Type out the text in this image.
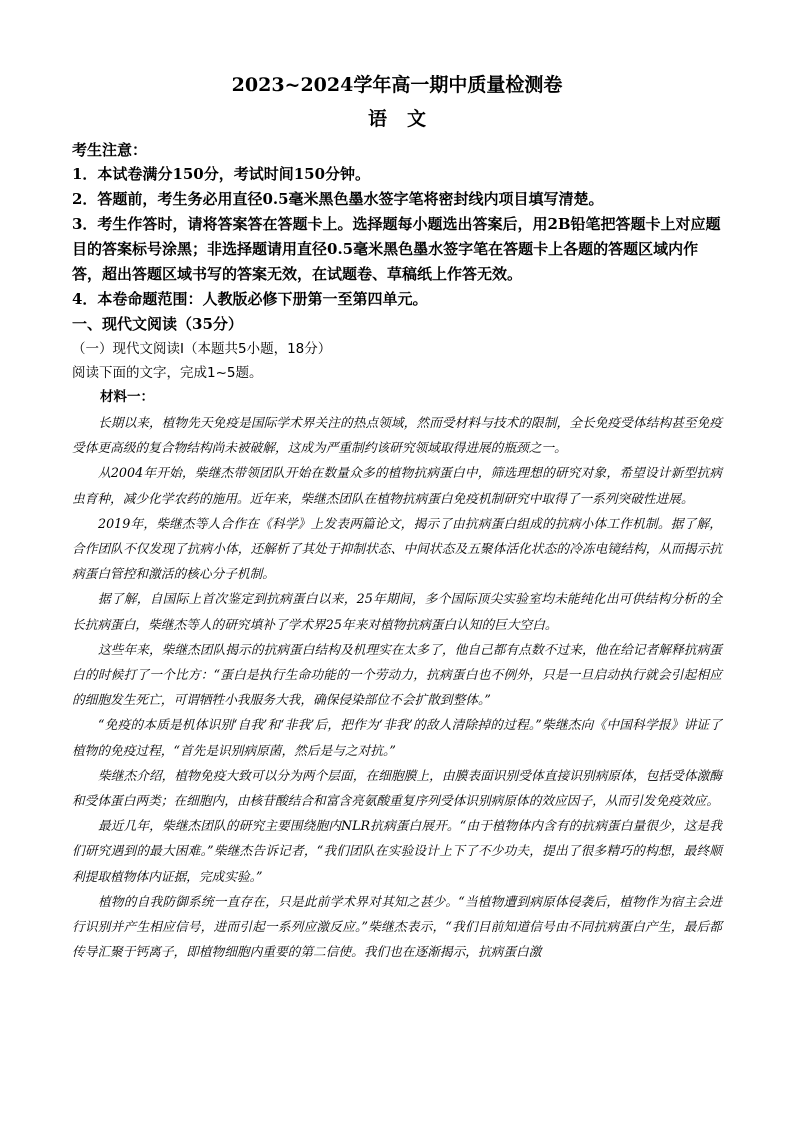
2023~2024学年高一期中质量检测卷
语文

考生注意：

1．本试卷满分150分，考试时间150分钟。

2．答题前，考生务必用直径0.5毫米黑色墨水签字笔将密封线内项目填写清楚。

3．考生作答时，请将答案答在答题卡上。选择题每小题选出答案后，用2B铅笔把答题卡上对应题目的答案标号涂黑；非选择题请用直径0.5毫米黑色墨水签字笔在答题卡上各题的答题区域内作答，超出答题区域书写的答案无效，在试题卷、草稿纸上作答无效。

4．本卷命题范围：人教版必修下册第一至第四单元。

一、现代文阅读（35分）

（一）现代文阅读Ⅰ（本题共5小题，18分）

阅读下面的文字，完成1~5题。

材料一：

长期以来，植物先天免疫是国际学术界关注的热点领域，然而受材料与技术的限制，全长免疫受体结构甚至免疫受体更高级的复合物结构尚未被破解，这成为严重制约该研究领域取得进展的瓶颈之一。

从2004年开始，柴继杰带领团队开始在数量众多的植物抗病蛋白中，筛选理想的研究对象，希望设计新型抗病虫育种，减少化学农药的施用。近年来，柴继杰团队在植物抗病蛋白免疫机制研究中取得了一系列突破性进展。

2019年，柴继杰等人合作在《科学》上发表两篇论文，揭示了由抗病蛋白组成的抗病小体工作机制。据了解，合作团队不仅发现了抗病小体，还解析了其处于抑制状态、中间状态及五聚体活化状态的冷冻电镜结构，从而揭示抗病蛋白管控和激活的核心分子机制。

据了解，自国际上首次鉴定到抗病蛋白以来，25年期间，多个国际顶尖实验室均未能纯化出可供结构分析的全长抗病蛋白，柴继杰等人的研究填补了学术界25年来对植物抗病蛋白认知的巨大空白。

这些年来，柴继杰团队揭示的抗病蛋白结构及机理实在太多了，他自己都有点数不过来，他在给记者解释抗病蛋白的时候打了一个比方：“蛋白是执行生命功能的一个劳动力，抗病蛋白也不例外，只是一旦启动执行就会引起相应的细胞发生死亡，可谓牺牲小我服务大我，确保侵染部位不会扩散到整体。”

“免疫的本质是机体识别‘自我’和‘非我’后，把作为‘非我’的敌人清除掉的过程。”柴继杰向《中国科学报》讲证了植物的免疫过程，“首先是识别病原菌，然后是与之对抗。”

柴继杰介绍，植物免疫大致可以分为两个层面，在细胞膜上，由膜表面识别受体直接识别病原体，包括受体激酶和受体蛋白两类；在细胞内，由核苷酸结合和富含亮氨酸重复序列受体识别病原体的效应因子，从而引发免疫效应。

最近几年，柴继杰团队的研究主要围绕胞内NLR抗病蛋白展开。“由于植物体内含有的抗病蛋白量很少，这是我们研究遇到的最大困难。”柴继杰告诉记者，“我们团队在实验设计上下了不少功夫，提出了很多精巧的构想，最终顺利提取植物体内证据，完成实验。”

植物的自我防御系统一直存在，只是此前学术界对其知之甚少。“当植物遭到病原体侵袭后，植物作为宿主会进行识别并产生相应信号，进而引起一系列应激反应。”柴继杰表示，“我们目前知道信号由不同抗病蛋白产生，最后都传导汇聚于钙离子，即植物细胞内重要的第二信使。我们也在逐渐揭示，抗病蛋白激
